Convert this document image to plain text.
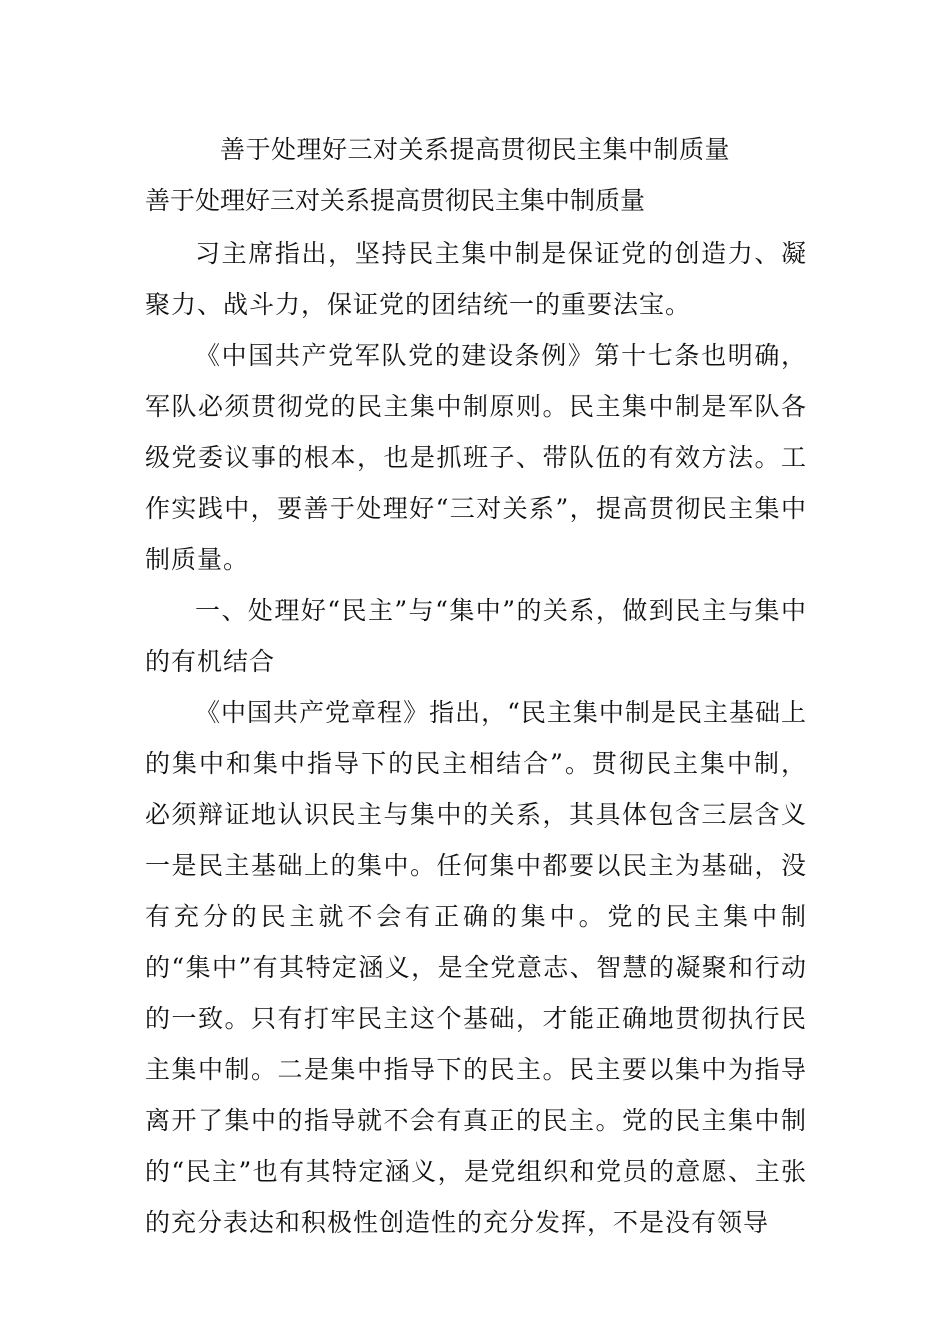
善于处理好三对关系提高贯彻民主集中制质量
善于处理好三对关系提高贯彻民主集中制质量

习主席指出，坚持民主集中制是保证党的创造力、凝聚力、战斗力，保证党的团结统一的重要法宝。

《中国共产党军队党的建设条例》第十七条也明确，军队必须贯彻党的民主集中制原则。民主集中制是军队各级党委议事的根本，也是抓班子、带队伍的有效方法。工作实践中，要善于处理好“三对关系”，提高贯彻民主集中制质量。

一、处理好“民主”与“集中”的关系，做到民主与集中的有机结合

《中国共产党章程》指出，“民主集中制是民主基础上的集中和集中指导下的民主相结合”。贯彻民主集中制，必须辩证地认识民主与集中的关系，其具体包含三层含义一是民主基础上的集中。任何集中都要以民主为基础，没有充分的民主就不会有正确的集中。党的民主集中制的“集中”有其特定涵义，是全党意志、智慧的凝聚和行动的一致。只有打牢民主这个基础，才能正确地贯彻执行民主集中制。二是集中指导下的民主。民主要以集中为指导离开了集中的指导就不会有真正的民主。党的民主集中制的“民主”也有其特定涵义，是党组织和党员的意愿、主张的充分表达和积极性创造性的充分发挥，不是没有领导
